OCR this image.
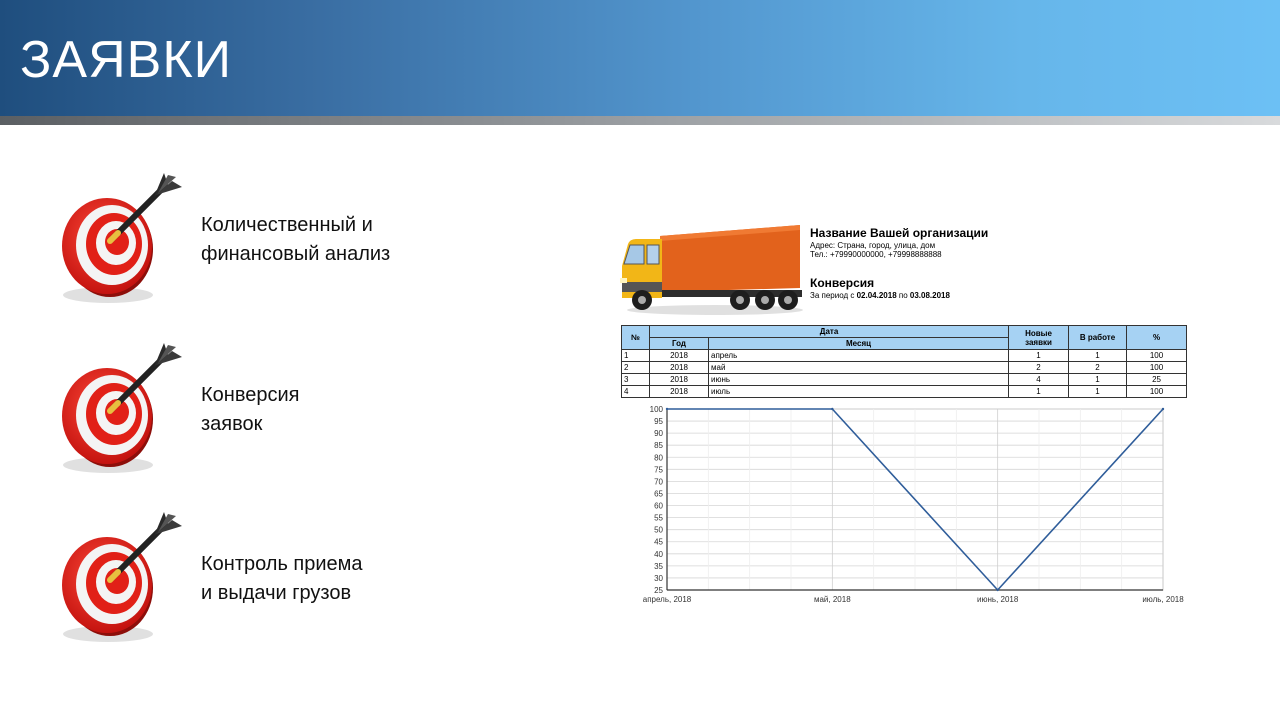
ЗАЯВКИ
Количественный и
финансовый анализ
Конверсия
заявок
Контроль приема
и выдачи грузов
Название Вашей организации
Адрес: Страна, город, улица, дом
Тел.: +79990000000, +79998888888
Конверсия
За период с 02.04.2018 по 03.08.2018
№	Дата		Новые заявки	В работе	%
	Год	Месяц			
1	2018	апрель	1	1	100
2	2018	май	2	2	100
3	2018	июнь	4	1	25
4	2018	июль	1	1	100
100
95
90
85
80
75
70
65
60
55
50
45
40
35
30
25
апрель, 2018	май, 2018	июнь, 2018	июль, 2018
